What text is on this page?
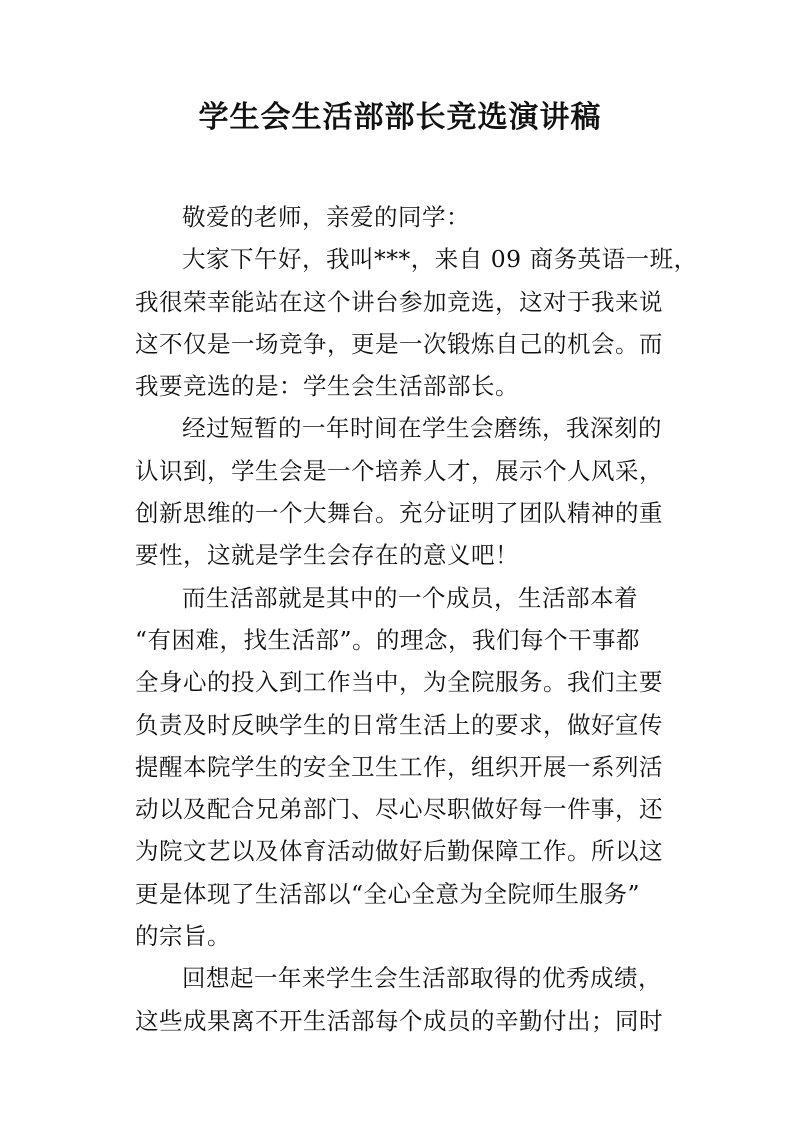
学生会生活部部长竞选演讲稿
敬爱的老师，亲爱的同学：
大家下午好，我叫***，来自 09 商务英语一班，
我很荣幸能站在这个讲台参加竞选，这对于我来说
这不仅是一场竞争，更是一次锻炼自己的机会。而
我要竞选的是：学生会生活部部长。
经过短暂的一年时间在学生会磨练，我深刻的
认识到，学生会是一个培养人才，展示个人风采，
创新思维的一个大舞台。充分证明了团队精神的重
要性，这就是学生会存在的意义吧！
而生活部就是其中的一个成员，生活部本着
“有困难，找生活部”。的理念，我们每个干事都
全身心的投入到工作当中，为全院服务。我们主要
负责及时反映学生的日常生活上的要求，做好宣传
提醒本院学生的安全卫生工作，组织开展一系列活
动以及配合兄弟部门、尽心尽职做好每一件事，还
为院文艺以及体育活动做好后勤保障工作。所以这
更是体现了生活部以“全心全意为全院师生服务”
的宗旨。
回想起一年来学生会生活部取得的优秀成绩，
这些成果离不开生活部每个成员的辛勤付出；同时
